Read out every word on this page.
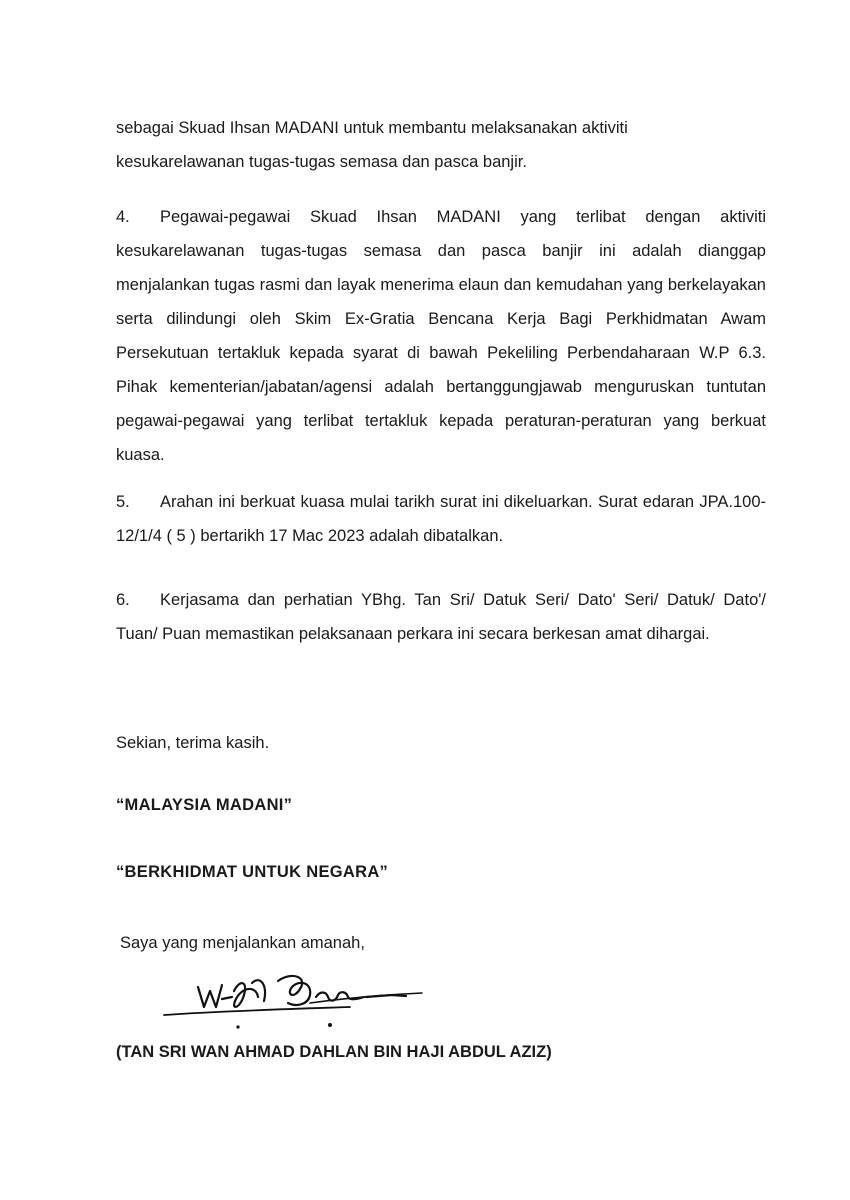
sebagai Skuad Ihsan MADANI untuk membantu melaksanakan aktiviti
kesukarelawanan tugas-tugas semasa dan pasca banjir.
4. Pegawai-pegawai Skuad Ihsan MADANI yang terlibat dengan aktiviti kesukarelawanan tugas-tugas semasa dan pasca banjir ini adalah dianggap menjalankan tugas rasmi dan layak menerima elaun dan kemudahan yang berkelayakan serta dilindungi oleh Skim Ex-Gratia Bencana Kerja Bagi Perkhidmatan Awam Persekutuan tertakluk kepada syarat di bawah Pekeliling Perbendaharaan W.P 6.3. Pihak kementerian/jabatan/agensi adalah bertanggungjawab menguruskan tuntutan pegawai-pegawai yang terlibat tertakluk kepada peraturan-peraturan yang berkuat kuasa.
5. Arahan ini berkuat kuasa mulai tarikh surat ini dikeluarkan. Surat edaran JPA.100-12/1/4 ( 5 ) bertarikh 17 Mac 2023 adalah dibatalkan.
6. Kerjasama dan perhatian YBhg. Tan Sri/ Datuk Seri/ Dato' Seri/ Datuk/ Dato'/ Tuan/ Puan memastikan pelaksanaan perkara ini secara berkesan amat dihargai.
Sekian, terima kasih.
“MALAYSIA MADANI”
“BERKHIDMAT UNTUK NEGARA”
Saya yang menjalankan amanah,
(TAN SRI WAN AHMAD DAHLAN BIN HAJI ABDUL AZIZ)
